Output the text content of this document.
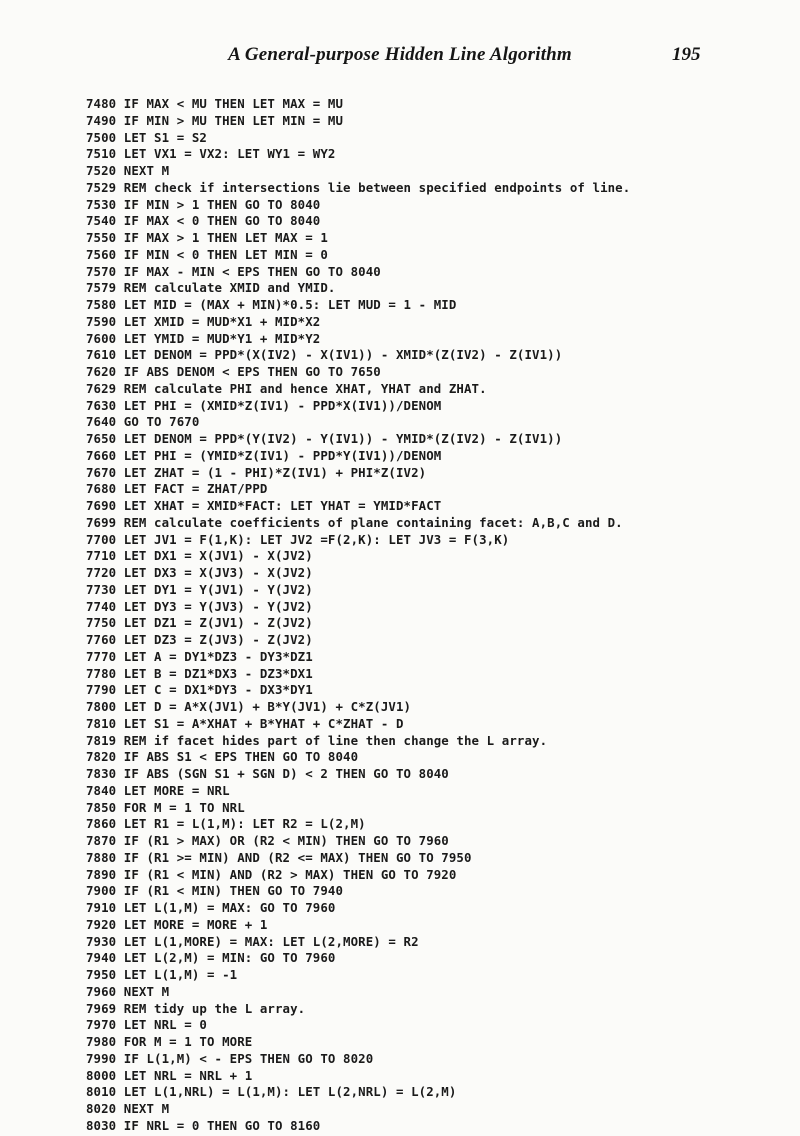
A General-purpose Hidden Line Algorithm	195
7480 IF MAX < MU THEN LET MAX = MU
7490 IF MIN > MU THEN LET MIN = MU
7500 LET S1 = S2
7510 LET VX1 = VX2: LET WY1 = WY2
7520 NEXT M
7529 REM check if intersections lie between specified endpoints of line.
7530 IF MIN > 1 THEN GO TO 8040
7540 IF MAX < 0 THEN GO TO 8040
7550 IF MAX > 1 THEN LET MAX = 1
7560 IF MIN < 0 THEN LET MIN = 0
7570 IF MAX - MIN < EPS THEN GO TO 8040
7579 REM calculate XMID and YMID.
7580 LET MID = (MAX + MIN)*0.5: LET MUD = 1 - MID
7590 LET XMID = MUD*X1 + MID*X2
7600 LET YMID = MUD*Y1 + MID*Y2
7610 LET DENOM = PPD*(X(IV2) - X(IV1)) - XMID*(Z(IV2) - Z(IV1))
7620 IF ABS DENOM < EPS THEN GO TO 7650
7629 REM calculate PHI and hence XHAT, YHAT and ZHAT.
7630 LET PHI = (XMID*Z(IV1) - PPD*X(IV1))/DENOM
7640 GO TO 7670
7650 LET DENOM = PPD*(Y(IV2) - Y(IV1)) - YMID*(Z(IV2) - Z(IV1))
7660 LET PHI = (YMID*Z(IV1) - PPD*Y(IV1))/DENOM
7670 LET ZHAT = (1 - PHI)*Z(IV1) + PHI*Z(IV2)
7680 LET FACT = ZHAT/PPD
7690 LET XHAT = XMID*FACT: LET YHAT = YMID*FACT
7699 REM calculate coefficients of plane containing facet: A,B,C and D.
7700 LET JV1 = F(1,K): LET JV2 =F(2,K): LET JV3 = F(3,K)
7710 LET DX1 = X(JV1) - X(JV2)
7720 LET DX3 = X(JV3) - X(JV2)
7730 LET DY1 = Y(JV1) - Y(JV2)
7740 LET DY3 = Y(JV3) - Y(JV2)
7750 LET DZ1 = Z(JV1) - Z(JV2)
7760 LET DZ3 = Z(JV3) - Z(JV2)
7770 LET A = DY1*DZ3 - DY3*DZ1
7780 LET B = DZ1*DX3 - DZ3*DX1
7790 LET C = DX1*DY3 - DX3*DY1
7800 LET D = A*X(JV1) + B*Y(JV1) + C*Z(JV1)
7810 LET S1 = A*XHAT + B*YHAT + C*ZHAT - D
7819 REM if facet hides part of line then change the L array.
7820 IF ABS S1 < EPS THEN GO TO 8040
7830 IF ABS (SGN S1 + SGN D) < 2 THEN GO TO 8040
7840 LET MORE = NRL
7850 FOR M = 1 TO NRL
7860 LET R1 = L(1,M): LET R2 = L(2,M)
7870 IF (R1 > MAX) OR (R2 < MIN) THEN GO TO 7960
7880 IF (R1 >= MIN) AND (R2 <= MAX) THEN GO TO 7950
7890 IF (R1 < MIN) AND (R2 > MAX) THEN GO TO 7920
7900 IF (R1 < MIN) THEN GO TO 7940
7910 LET L(1,M) = MAX: GO TO 7960
7920 LET MORE = MORE + 1
7930 LET L(1,MORE) = MAX: LET L(2,MORE) = R2
7940 LET L(2,M) = MIN: GO TO 7960
7950 LET L(1,M) = -1
7960 NEXT M
7969 REM tidy up the L array.
7970 LET NRL = 0
7980 FOR M = 1 TO MORE
7990 IF L(1,M) < - EPS THEN GO TO 8020
8000 LET NRL = NRL + 1
8010 LET L(1,NRL) = L(1,M): LET L(2,NRL) = L(2,M)
8020 NEXT M
8030 IF NRL = 0 THEN GO TO 8160
